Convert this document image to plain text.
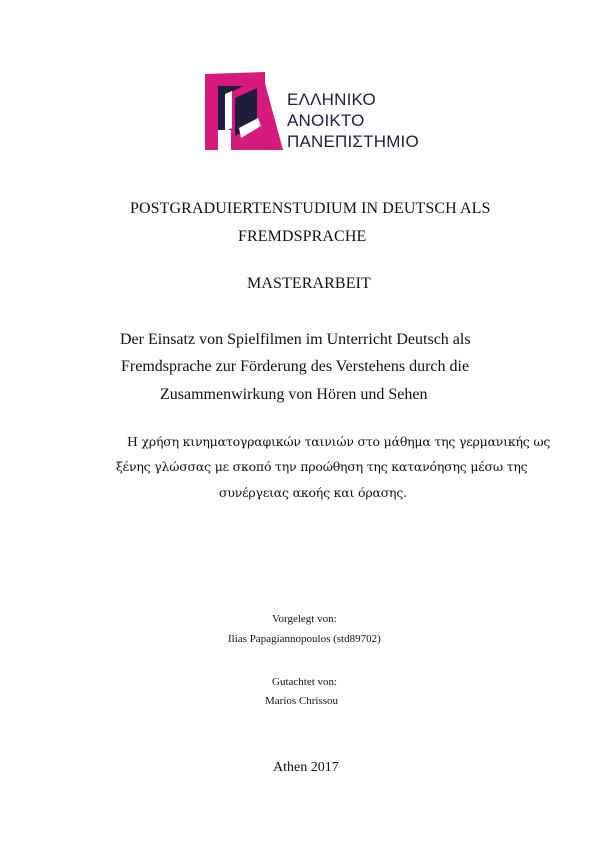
ΕΛΛΗΝΙΚΟ
ΑΝΟΙΚΤΟ
ΠΑΝΕΠΙΣΤΗΜΙΟ
POSTGRADUIERTENSTUDIUM IN DEUTSCH ALS
FREMDSPRACHE
MASTERARBEIT
Der Einsatz von Spielfilmen im Unterricht Deutsch als
Fremdsprache zur Förderung des Verstehens durch die
Zusammenwirkung von Hören und Sehen
Η χρήση κινηματογραφικών ταινιών στο μάθημα της γερμανικής ως
ξένης γλώσσας με σκοπό την προώθηση της κατανόησης μέσω της
συνέργειας ακοής και όρασης.
Vorgelegt von:
Ilias Papagiannopoulos (std89702)
Gutachtet von:
Marios Chrissou
Athen 2017
